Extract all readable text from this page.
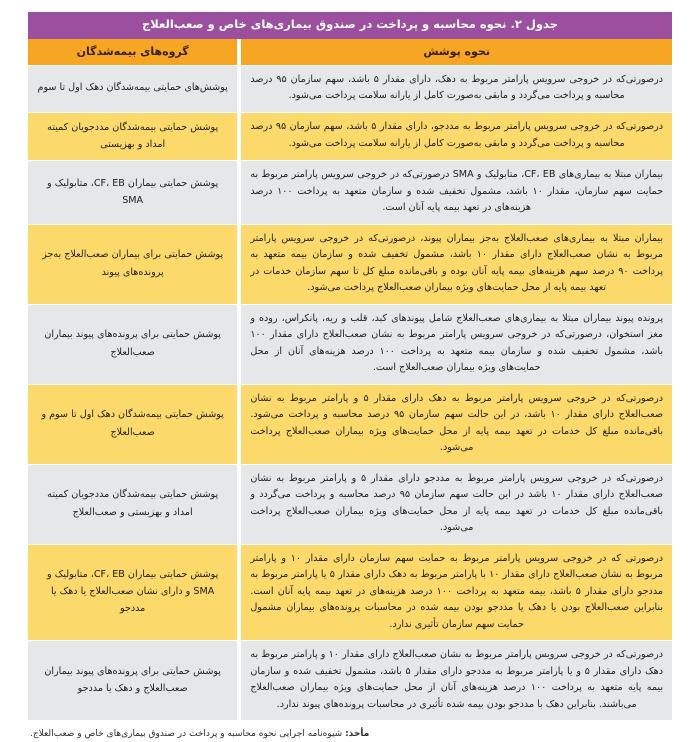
جدول ۲. نحوه محاسبه و پرداخت در صندوق بیماری‌های خاص و صعب‌العلاج
نحوه پوشش	گروه‌های بیمه‌شدگان
درصورتی‌که در خروجی سرویس پارامتر مربوط به دهک، دارای مقدار ۵ باشد، سهم سازمان ۹۵ درصد محاسبه و پرداخت می‌گردد و مابقی به‌صورت کامل از یارانه سلامت پرداخت می‌شود.	پوشش‌های حمایتی بیمه‌شدگان دهک اول تا سوم
درصورتی‌که در خروجی سرویس پارامتر مربوط به مددجو، دارای مقدار ۵ باشد، سهم سازمان ۹۵ درصد محاسبه و پرداخت می‌گردد و مابقی به‌صورت کامل از یارانه سلامت پرداخت می‌شود.	پوشش حمایتی بیمه‌شدگان مددجویان کمیته امداد و بهزیستی
بیماران مبتلا به بیماری‌های CF، EB، متابولیک و SMA درصورتی‌که در خروجی سرویس پارامتر مربوط به حمایت سهم سازمان، مقدار ۱۰ باشد، مشمول تخفیف شده و سازمان متعهد به پرداخت ۱۰۰ درصد هزینه‌های در تعهد بیمه پایه آنان است.	پوشش حمایتی بیماران CF، EB، متابولیک و SMA
بیماران مبتلا به بیماری‌های صعب‌العلاج به‌جز بیماران پیوند، درصورتی‌که در خروجی سرویس پارامتر مربوط به نشان صعب‌العلاج دارای مقدار ۱۰ باشد، مشمول تخفیف شده و سازمان بیمه متعهد به پرداخت ۹۰ درصد سهم هزینه‌های بیمه پایه آنان بوده و باقی‌مانده مبلغ کل تا سهم سازمان خدمات در تعهد بیمه پایه از محل حمایت‌های ویژه بیماران صعب‌العلاج پرداخت می‌شود.	پوشش حمایتی برای بیماران صعب‌العلاج به‌جز پرونده‌های پیوند
پرونده پیوند بیماران مبتلا به بیماری‌های صعب‌العلاج شامل پیوندهای کبد، قلب و ریه، پانکراس، روده و مغز استخوان، درصورتی‌که در خروجی سرویس پارامتر مربوط به نشان صعب‌العلاج دارای مقدار ۱۰۰ باشد، مشمول تخفیف شده و سازمان بیمه متعهد به پرداخت ۱۰۰ درصد هزینه‌های آنان از محل حمایت‌های ویژه بیماران صعب‌العلاج است.	پوشش حمایتی برای پرونده‌های پیوند بیماران صعب‌العلاج
درصورتی‌که در خروجی سرویس پارامتر مربوط به دهک دارای مقدار ۵ و پارامتر مربوط به نشان صعب‌العلاج دارای مقدار ۱۰ باشد، در این حالت سهم سازمان ۹۵ درصد محاسبه و پرداخت می‌شود. باقی‌مانده مبلغ کل خدمات در تعهد بیمه پایه از محل حمایت‌های ویژه بیماران صعب‌العلاج پرداخت می‌شود.	پوشش حمایتی بیمه‌شدگان دهک اول تا سوم و صعب‌العلاج
درصورتی‌که در خروجی سرویس پارامتر مربوط به مددجو دارای مقدار ۵ و پارامتر مربوط به نشان صعب‌العلاج دارای مقدار ۱۰ باشد در این حالت سهم سازمان ۹۵ درصد محاسبه و پرداخت می‌گردد و باقی‌مانده مبلغ کل خدمات در تعهد بیمه پایه از محل حمایت‌های ویژه بیماران صعب‌العلاج پرداخت می‌شود.	پوشش حمایتی بیمه‌شدگان مددجویان کمیته امداد و بهزیستی و صعب‌العلاج
درصورتی که در خروجی سرویس پارامتر مربوط به حمایت سهم سازمان دارای مقدار ۱۰ و پارامتر مربوط به نشان صعب‌العلاج دارای مقدار ۱۰ با پارامتر مربوط به دهک دارای مقدار ۵ یا پارامتر مربوط به مددجو دارای مقدار ۵ باشد، بیمه متعهد به پرداخت ۱۰۰ درصد هزینه‌های در تعهد بیمه پایه آنان است. بنابراین صعب‌العلاج بودن یا دهک یا مددجو بودن بیمه شده در محاسبات پرونده‌های بیماران مشمول حمایت سهم سازمان تأثیری ندارد.	پوشش حمایتی بیماران CF، EB، متابولیک و SMA و دارای نشان صعب‌العلاج یا دهک یا مددجو
درصورتی‌که در خروجی سرویس پارامتر مربوط به نشان صعب‌العلاج دارای مقدار ۱۰ و پارامتر مربوط به دهک دارای مقدار ۵ و یا پارامتر مربوط به مددجو دارای مقدار ۵ باشد، مشمول تخفیف شده و سازمان بیمه پایه متعهد به پرداخت ۱۰۰ درصد هزینه‌های آنان از محل حمایت‌های ویژه بیماران صعب‌العلاج می‌باشند. بنابراین دهک با مددجو بودن بیمه شده تأثیری در محاسبات پرونده‌های پیوند ندارد.	پوشش حمایتی برای پرونده‌های پیوند بیماران صعب‌العلاج و دهک یا مددجو
مأخذ: شیوه‌نامه اجرایی نحوه محاسبه و پرداخت در صندوق بیماری‌های خاص و صعب‌العلاج.
